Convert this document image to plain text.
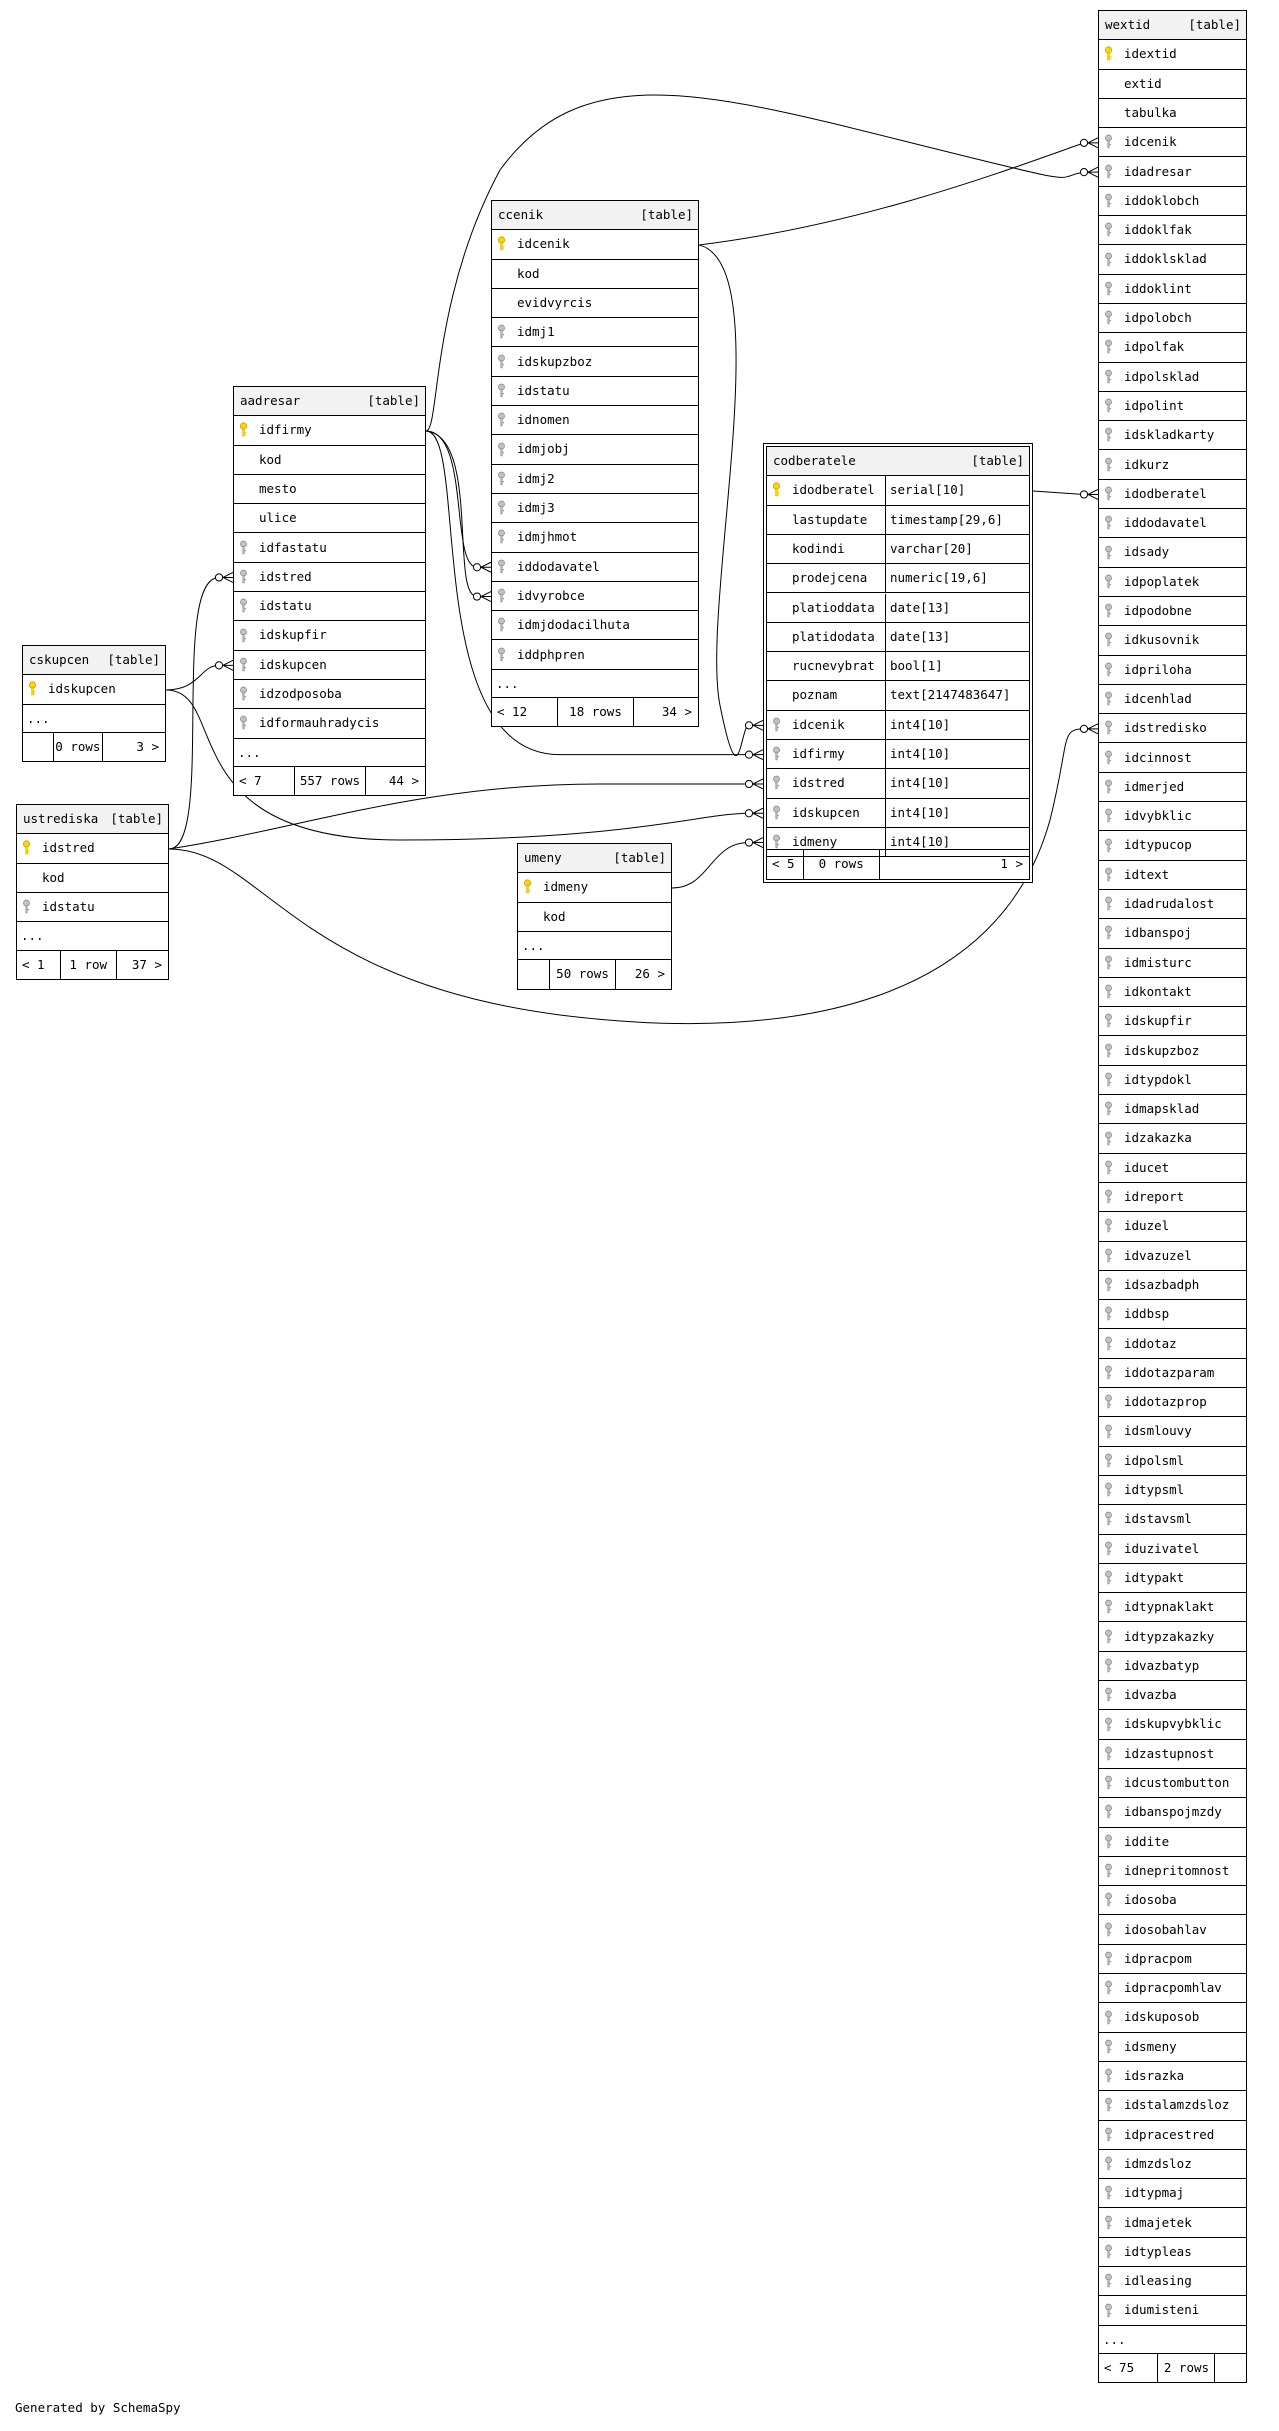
cskupcen [table]
idskupcen
...
0 rows	3 >
ustrediska [table]
idstred
kod
idstatu
...
< 1	1 row	37 >
aadresar	[table]
idfirmy
kod
mesto
ulice
idfastatu
idstred
idstatu
idskupfir
idskupcen
idzodposoba
idformauhradycis
...
< 7	557 rows	44 >
ccenik	[table]
idcenik
kod
evidvyrcis
idmj1
idskupzboz
idstatu
idnomen
idmjobj
idmj2
idmj3
idmjhmot
iddodavatel
idvyrobce
idmjdodacilhuta
iddphpren
...
< 12	18 rows	34 >
umeny	[table]
idmeny
kod
...
50 rows	26 >
codberatele	[table]
idodberatel	serial[10]
lastupdate	timestamp[29,6]
kodindi	varchar[20]
prodejcena	numeric[19,6]
platioddata	date[13]
platidodata	date[13]
rucnevybrat	bool[1]
poznam	text[2147483647]
idcenik	int4[10]
idfirmy	int4[10]
idstred	int4[10]
idskupcen	int4[10]
idmeny	int4[10]
< 5	0 rows	1 >
wextid	[table]
idextid
extid
tabulka
idcenik
idadresar
iddoklobch
iddoklfak
iddoklsklad
iddoklint
idpolobch
idpolfak
idpolsklad
idpolint
idskladkarty
idkurz
idodberatel
iddodavatel
idsady
idpoplatek
idpodobne
idkusovnik
idpriloha
idcenhlad
idstredisko
idcinnost
idmerjed
idvybklic
idtypucop
idtext
idadrudalost
idbanspoj
idmisturc
idkontakt
idskupfir
idskupzboz
idtypdokl
idmapsklad
idzakazka
iducet
idreport
iduzel
idvazuzel
idsazbadph
iddbsp
iddotaz
iddotazparam
iddotazprop
idsmlouvy
idpolsml
idtypsml
idstavsml
iduzivatel
idtypakt
idtypnaklakt
idtypzakazky
idvazbatyp
idvazba
idskupvybklic
idzastupnost
idcustombutton
idbanspojmzdy
iddite
idnepritomnost
idosoba
idosobahlav
idpracpom
idpracpomhlav
idskuposob
idsmeny
idsrazka
idstalamzdsloz
idpracestred
idmzdsloz
idtypmaj
idmajetek
idtypleas
idleasing
idumisteni
...
< 75	2 rows
Generated by SchemaSpy
